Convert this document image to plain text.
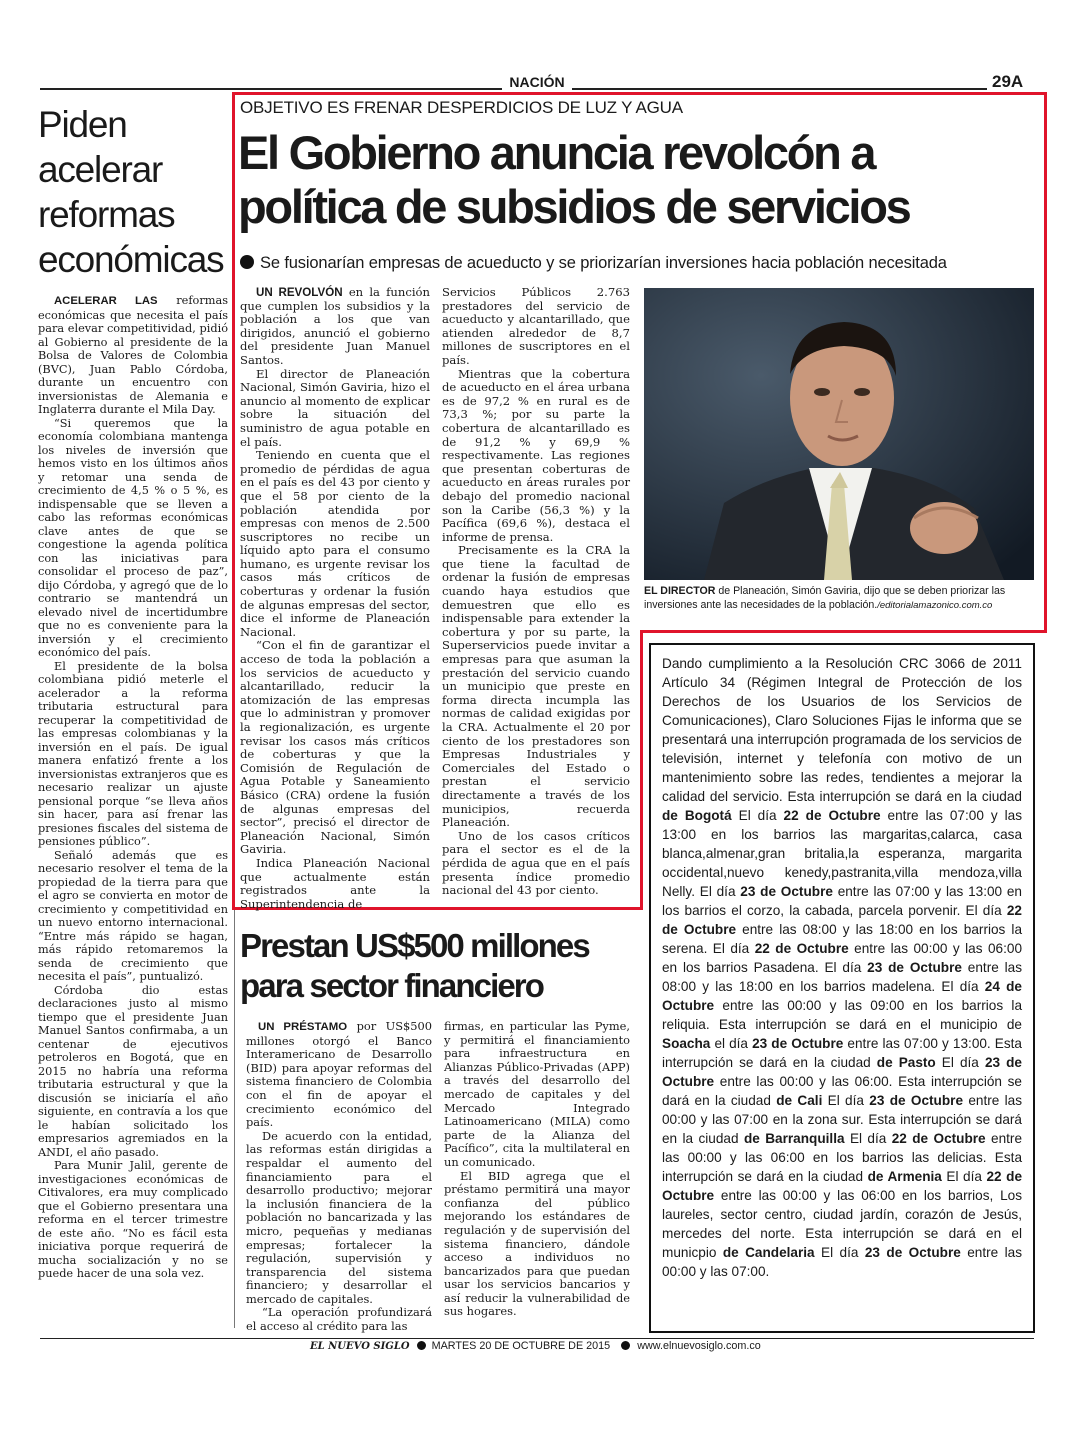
NACIÓN	29A
Piden
acelerar
reformas
económicas

ACELERAR LAS reformas económicas que necesita el país para elevar competitividad, pidió al Gobierno al presidente de la Bolsa de Valores de Colombia (BVC), Juan Pablo Córdoba, durante un encuentro con inversionistas de Alemania e Inglaterra durante el Mila Day.

“Si queremos que la economía colombiana mantenga los niveles de inversión que hemos visto en los últimos años y retomar una senda de crecimiento de 4,5 % o 5 %, es indispensable que se lleven a cabo las reformas económicas clave antes de que se congestione la agenda política con las iniciativas para consolidar el proceso de paz”, dijo Córdoba, y agregó que de lo contrario se mantendrá un elevado nivel de incertidumbre que no es conveniente para la inversión y el crecimiento económico del país.

El presidente de la bolsa colombiana pidió meterle el acelerador a la reforma tributaria estructural para recuperar la competitividad de las empresas colombianas y la inversión en el país. De igual manera enfatizó frente a los inversionistas extranjeros que es necesario realizar un ajuste pensional porque “se lleva años sin hacer, para así frenar las presiones fiscales del sistema de pensiones público”.

Señaló además que es necesario resolver el tema de la propiedad de la tierra para que el agro se convierta en motor de crecimiento y competitividad en un nuevo entorno internacional. “Entre más rápido se hagan, más rápido retomaremos la senda de crecimiento que necesita el país”, puntualizó.

Córdoba dio estas declaraciones justo al mismo tiempo que el presidente Juan Manuel Santos confirmaba, a un centenar de ejecutivos petroleros en Bogotá, que en 2015 no habría una reforma tributaria estructural y que la discusión se iniciaría el año siguiente, en contravía a los que le habían solicitado los empresarios agremiados en la ANDI, el año pasado.

Para Munir Jalil, gerente de investigaciones económicas de Citivalores, era muy complicado que el Gobierno presentara una reforma en el tercer trimestre de este año. “No es fácil esta iniciativa porque requerirá de mucha socialización y no se puede hacer de una sola vez.

OBJETIVO ES FRENAR DESPERDICIOS DE LUZ Y AGUA
El Gobierno anuncia revolcón a
política de subsidios de servicios
Se fusionarían empresas de acueducto y se priorizarían inversiones hacia población necesitada

UN REVOLVÓN en la función que cumplen los subsidios y la población a los que van dirigidos, anunció el gobierno del presidente Juan Manuel Santos.

El director de Planeación Nacional, Simón Gaviria, hizo el anuncio al momento de explicar sobre la situación del suministro de agua potable en el país.

Teniendo en cuenta que el promedio de pérdidas de agua en el país es del 43 por ciento y que el 58 por ciento de la población atendida por empresas con menos de 2.500 suscriptores no recibe un líquido apto para el consumo humano, es urgente revisar los casos más críticos de coberturas y ordenar la fusión de algunas empresas del sector, dice el informe de Planeación Nacional.

“Con el fin de garantizar el acceso de toda la población a los servicios de acueducto y alcantarillado, reducir la atomización de las empresas que lo administran y promover la regionalización, es urgente revisar los casos más críticos de coberturas y que la Comisión de Regulación de Agua Potable y Saneamiento Básico (CRA) ordene la fusión de algunas empresas del sector”, precisó el director de Planeación Nacional, Simón Gaviria.

Indica Planeación Nacional que actualmente están registrados ante la Superintendencia de

Servicios Públicos 2.763 prestadores del servicio de acueducto y alcantarillado, que atienden alrededor de 8,7 millones de suscriptores en el país.

Mientras que la cobertura de acueducto en el área urbana es de 97,2 % en rural es de 73,3 %; por su parte la cobertura de alcantarillado es de 91,2 % y 69,9 % respectivamente. Las regiones que presentan coberturas de acueducto en áreas rurales por debajo del promedio nacional son la Caribe (56,3 %) y la Pacífica (69,6 %), destaca el informe de prensa.

Precisamente es la CRA la que tiene la facultad de ordenar la fusión de empresas cuando haya estudios que demuestren que ello es indispensable para extender la cobertura y por su parte, la Superservicios puede invitar a empresas para que asuman la prestación del servicio cuando un municipio que preste en forma directa incumpla las normas de calidad exigidas por la CRA. Actualmente el 20 por ciento de los prestadores son Empresas Industriales y Comerciales del Estado o prestan el servicio directamente a través de los municipios, recuerda Planeación.

Uno de los casos críticos para el sector es el de la pérdida de agua que en el país presenta índice promedio nacional del 43 por ciento.

EL DIRECTOR de Planeación, Simón Gaviria, dijo que se deben priorizar las inversiones ante las necesidades de la población./editorialamazonico.com.co
Prestan US$500 millones
para sector financiero

UN PRÉSTAMO por US$500 millones otorgó el Banco Interamericano de Desarrollo (BID) para apoyar reformas del sistema financiero de Colombia con el fin de apoyar el crecimiento económico del país.

De acuerdo con la entidad, las reformas están dirigidas a respaldar el aumento del financiamiento para el desarrollo productivo; mejorar la inclusión financiera de la población no bancarizada y las micro, pequeñas y medianas empresas; fortalecer la regulación, supervisión y transparencia del sistema financiero; y desarrollar el mercado de capitales.

“La operación profundizará el acceso al crédito para las

firmas, en particular las Pyme, y permitirá el financiamiento para infraestructura en Alianzas Público-Privadas (APP) a través del desarrollo del mercado de capitales y del Mercado Integrado Latinoamericano (MILA) como parte de la Alianza del Pacífico”, cita la multilateral en un comunicado.

El BID agrega que el préstamo permitirá una mayor confianza del público mejorando los estándares de regulación y de supervisión del sistema financiero, dándole acceso a individuos no bancarizados para que puedan usar los servicios bancarios y así reducir la vulnerabilidad de sus hogares.

Dando cumplimiento a la Resolución CRC 3066 de 2011 Artículo 34 (Régimen Integral de Protección de los Derechos de los Usuarios de los Servicios de Comunicaciones), Claro Soluciones Fijas le informa que se presentará una interrupción programada de los servicios de televisión, internet y telefonía con motivo de un mantenimiento sobre las redes, tendientes a mejorar la calidad del servicio. Esta interrupción se dará en la ciudad de Bogotá El día 22 de Octubre entre las 07:00 y las 13:00 en los barrios las margaritas,calarca, casa blanca,almenar,gran britalia,la esperanza, margarita occidental,nuevo kenedy,pastranita,villa mendoza,villa Nelly. El día 23 de Octubre entre las 07:00 y las 13:00 en los barrios el corzo, la cabada, parcela porvenir. El día 22 de Octubre entre las 08:00 y las 18:00 en los barrios la serena. El día 22 de Octubre entre las 00:00 y las 06:00 en los barrios Pasadena. El día 23 de Octubre entre las 08:00 y las 18:00 en los barrios madelena. El día 24 de Octubre entre las 00:00 y las 09:00 en los barrios la reliquia. Esta interrupción se dará en el municipio de Soacha el día 23 de Octubre entre las 07:00 y 13:00. Esta interrupción se dará en la ciudad de Pasto El día 23 de Octubre entre las 00:00 y las 06:00. Esta interrupción se dará en la ciudad de Cali El día 23 de Octubre entre las 00:00 y las 07:00 en la zona sur. Esta interrupción se dará en la ciudad de Barranquilla El día 22 de Octubre entre las 00:00 y las 06:00 en los barrios las delicias. Esta interrupción se dará en la ciudad de Armenia El día 22 de Octubre entre las 00:00 y las 06:00 en los barrios, Los laureles, sector centro, ciudad jardín, corazón de Jesús, mercedes del norte. Esta interrupción se dará en el municpio de Candelaria El día 23 de Octubre entre las 00:00 y las 07:00.
EL NUEVO SIGLO MARTES 20 DE OCTUBRE DE 2015	www.elnuevosiglo.com.co
